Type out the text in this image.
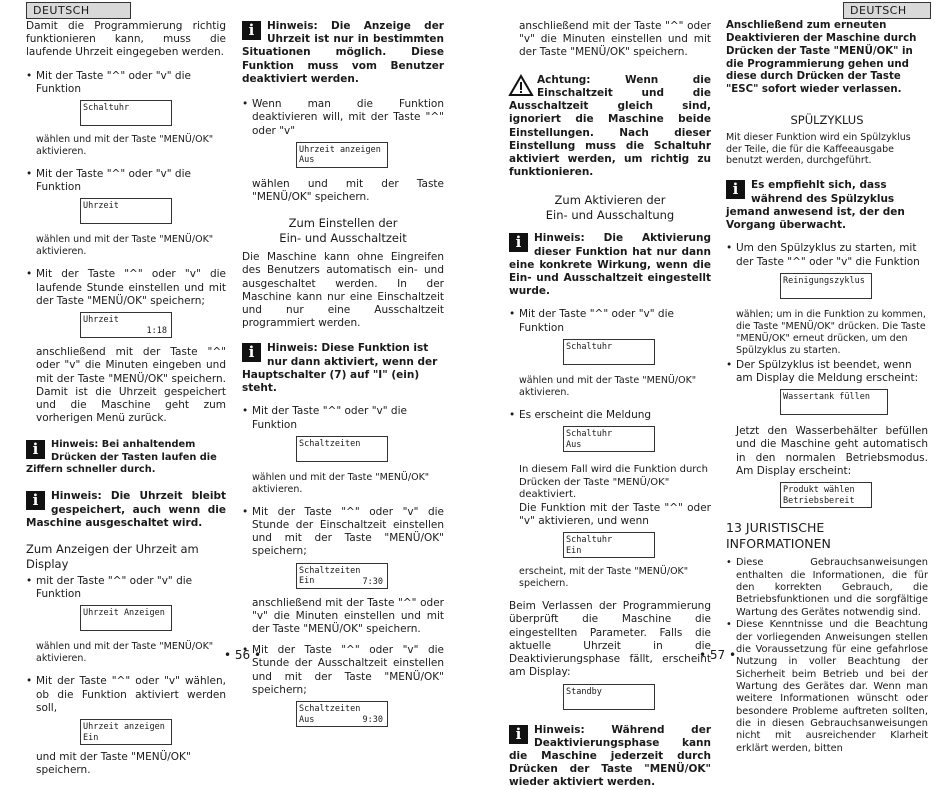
DEUTSCH	DEUTSCH

Damit die Programmierung richtig funktionieren kann, muss die laufende Uhrzeit eingegeben werden.

• Mit der Taste "^" oder "v" die Funktion

Schaltuhr

wählen und mit der Taste "MENÜ/OK" aktivieren.

• Mit der Taste "^" oder "v" die Funktion

Uhrzeit

wählen und mit der Taste "MENÜ/OK" aktivieren.

• Mit der Taste "^" oder "v" die laufende Stunde einstellen und mit der Taste "MENÜ/OK" speichern;

Uhrzeit
1:18

anschließend mit der Taste "^" oder "v" die Minuten eingeben und mit der Taste "MENÜ/OK" speichern. Damit ist die Uhrzeit gespeichert und die Maschine geht zum vorherigen Menü zurück.

i	Hinweis: Bei anhaltendem Drücken der Tasten laufen die Ziffern schneller durch.

i	Hinweis: Die Uhrzeit bleibt gespeichert, auch wenn die Maschine ausgeschaltet wird.

Zum Anzeigen der Uhrzeit am Display

• mit der Taste "^" oder "v" die Funktion

Uhrzeit Anzeigen

wählen und mit der Taste "MENÜ/OK" aktivieren.

• Mit der Taste "^" oder "v" wählen, ob die Funktion aktiviert werden soll,

Uhrzeit anzeigen
Ein

und mit der Taste "MENÜ/OK" speichern.

i	Hinweis: Die Anzeige der Uhrzeit ist nur in bestimmten Situationen möglich. Diese Funktion muss vom Benutzer deaktiviert werden.

• Wenn man die Funktion deaktivieren will, mit der Taste "^" oder "v"

Uhrzeit anzeigen
Aus

wählen und mit der Taste "MENÜ/OK" speichern.

Zum Einstellen der

Ein- und Ausschaltzeit

Die Maschine kann ohne Eingreifen des Benutzers automatisch ein- und ausgeschaltet werden. In der Maschine kann nur eine Einschaltzeit und nur eine Ausschaltzeit programmiert werden.

i	Hinweis: Diese Funktion ist nur dann aktiviert, wenn der Hauptschalter (7) auf "I" (ein) steht.

• Mit der Taste "^" oder "v" die Funktion

Schaltzeiten

wählen und mit der Taste "MENÜ/OK" aktivieren.

• Mit der Taste "^" oder "v" die Stunde der Einschaltzeit einstellen und mit der Taste "MENÜ/OK" speichern;

Schaltzeiten
Ein	7:30

anschließend mit der Taste "^" oder "v" die Minuten einstellen und mit der Taste "MENÜ/OK" speichern.

• Mit der Taste "^" oder "v" die Stunde der Ausschaltzeit einstellen und mit der Taste "MENÜ/OK" speichern;

Schaltzeiten
Aus	9:30

anschließend mit der Taste "^" oder "v" die Minuten einstellen und mit der Taste "MENÜ/OK" speichern.

Achtung: Wenn die Einschaltzeit und die Ausschaltzeit gleich sind, ignoriert die Maschine beide Einstellungen. Nach dieser Einstellung muss die Schaltuhr aktiviert werden, um richtig zu funktionieren.

Zum Aktivieren der

Ein- und Ausschaltung

i	Hinweis: Die Aktivierung dieser Funktion hat nur dann eine konkrete Wirkung, wenn die Ein- und Ausschaltzeit eingestellt wurde.

• Mit der Taste "^" oder "v" die Funktion

Schaltuhr

wählen und mit der Taste "MENÜ/OK" aktivieren.

• Es erscheint die Meldung

Schaltuhr
Aus

In diesem Fall wird die Funktion durch Drücken der Taste "MENÜ/OK" deaktiviert.

Die Funktion mit der Taste "^" oder "v" aktivieren, und wenn

Schaltuhr
Ein

erscheint, mit der Taste "MENÜ/OK" speichern.

Beim Verlassen der Programmierung überprüft die Maschine die eingestellten Parameter. Falls die aktuelle Uhrzeit in die Deaktivierungsphase fällt, erscheint am Display:

Standby
i	Hinweis: Während der Deaktivierungsphase kann die Maschine jederzeit durch Drücken der Taste "MENÜ/OK" wieder aktiviert werden.

Anschließend zum erneuten Deaktivieren der Maschine durch Drücken der Taste "MENÜ/OK" in die Programmierung gehen und diese durch Drücken der Taste "ESC" sofort wieder verlassen.

SPÜLZYKLUS

Mit dieser Funktion wird ein Spülzyklus der Teile, die für die Kaffeeausgabe benutzt werden, durchgeführt.

i	Es empfiehlt sich, dass während des Spülzyklus jemand anwesend ist, der den Vorgang überwacht.

• Um den Spülzyklus zu starten, mit der Taste "^" oder "v" die Funktion

Reinigungszyklus

wählen; um in die Funktion zu kommen, die Taste "MENÜ/OK" drücken. Die Taste "MENÜ/OK" erneut drücken, um den Spülzyklus zu starten.

• Der Spülzyklus ist beendet, wenn am Display die Meldung erscheint:

Wassertank füllen

Jetzt den Wasserbehälter befüllen und die Maschine geht automatisch in den normalen Betriebsmodus. Am Display erscheint:

Produkt wählen
Betriebsbereit

13 JURISTISCHE INFORMATIONEN

• Diese Gebrauchsanweisungen enthalten die Informationen, die für den korrekten Gebrauch, die Betriebsfunktionen und die sorgfältige Wartung des Gerätes notwendig sind.

• Diese Kenntnisse und die Beachtung der vorliegenden Anweisungen stellen die Voraussetzung für eine gefahrlose Nutzung in voller Beachtung der Sicherheit beim Betrieb und bei der Wartung des Gerätes dar. Wenn man weitere Informationen wünscht oder besondere Probleme auftreten sollten, die in diesen Gebrauchsanweisungen nicht mit ausreichender Klarheit erklärt werden, bitten

• 56 •	• 57 •
